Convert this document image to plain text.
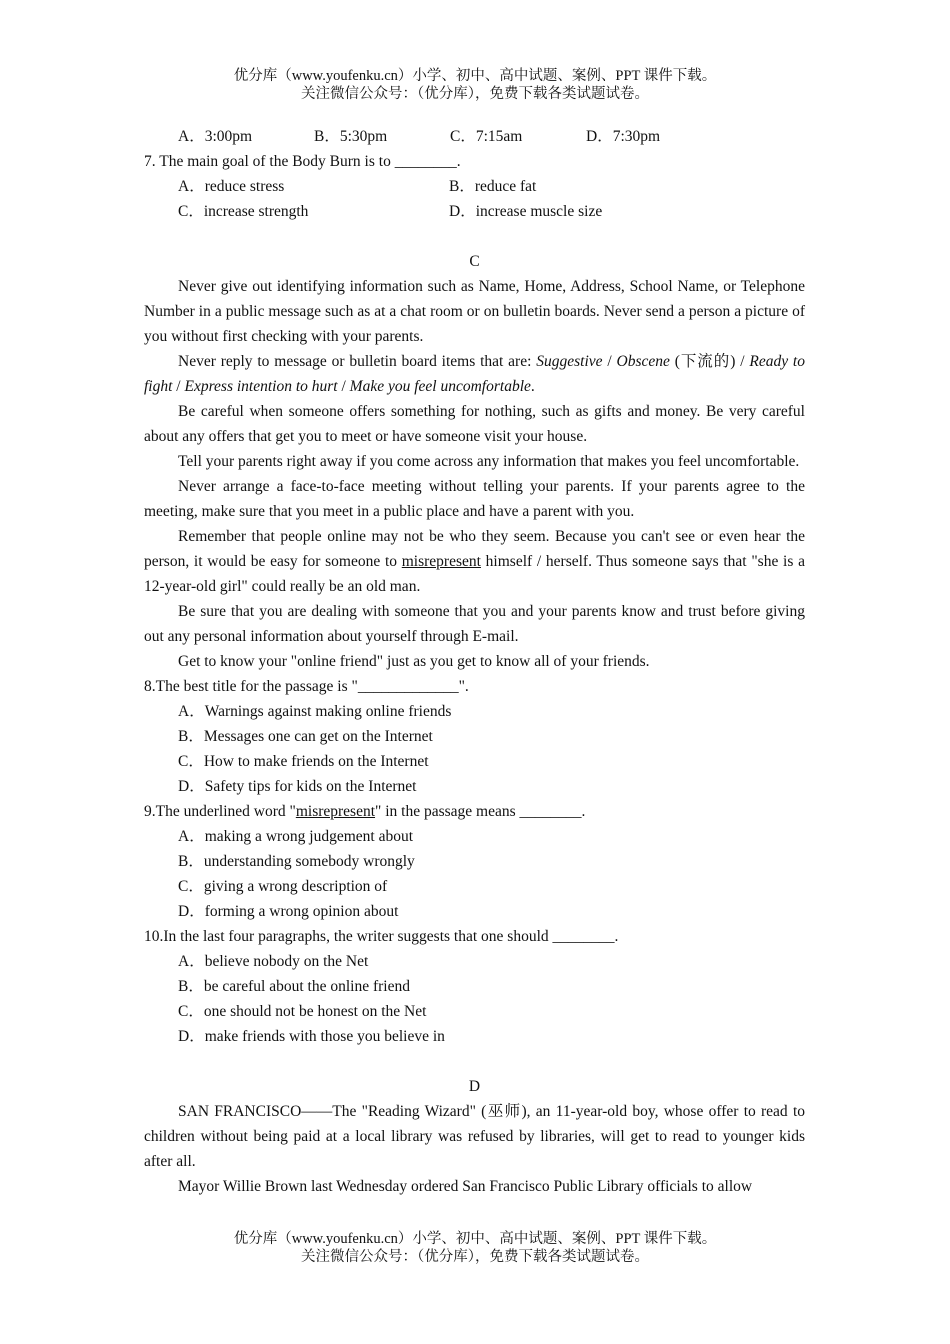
优分库（www.youfenku.cn）小学、初中、高中试题、案例、PPT 课件下载。
关注微信公众号：（优分库），免费下载各类试题试卷。
A．3:00pm	B．5:30pm	C．7:15am	D．7:30pm
7. The main goal of the Body Burn is to ________.
A．reduce stress	B．reduce fat
C．increase strength	D．increase muscle size
C
Never give out identifying information such as Name, Home, Address, School Name, or Telephone Number in a public message such as at a chat room or on bulletin boards. Never send a person a picture of you without first checking with your parents.
Never reply to message or bulletin board items that are: Suggestive / Obscene (下流的) / Ready to fight / Express intention to hurt / Make you feel uncomfortable.
Be careful when someone offers something for nothing, such as gifts and money. Be very careful about any offers that get you to meet or have someone visit your house.
Tell your parents right away if you come across any information that makes you feel uncomfortable.
Never arrange a face-to-face meeting without telling your parents. If your parents agree to the meeting, make sure that you meet in a public place and have a parent with you.
Remember that people online may not be who they seem. Because you can't see or even hear the person, it would be easy for someone to misrepresent himself / herself. Thus someone says that "she is a 12-year-old girl" could really be an old man.
Be sure that you are dealing with someone that you and your parents know and trust before giving out any personal information about yourself through E-mail.
Get to know your "online friend" just as you get to know all of your friends.
8.The best title for the passage is "_____________".
A．Warnings against making online friends
B．Messages one can get on the Internet
C．How to make friends on the Internet
D．Safety tips for kids on the Internet
9.The underlined word "misrepresent" in the passage means ________.
A．making a wrong judgement about
B．understanding somebody wrongly
C．giving a wrong description of
D．forming a wrong opinion about
10.In the last four paragraphs, the writer suggests that one should ________.
A．believe nobody on the Net
B．be careful about the online friend
C．one should not be honest on the Net
D．make friends with those you believe in
D
SAN FRANCISCO——The "Reading Wizard" (巫师), an 11-year-old boy, whose offer to read to children without being paid at a local library was refused by libraries, will get to read to younger kids after all.
Mayor Willie Brown last Wednesday ordered San Francisco Public Library officials to allow
优分库（www.youfenku.cn）小学、初中、高中试题、案例、PPT 课件下载。
关注微信公众号：（优分库），免费下载各类试题试卷。
